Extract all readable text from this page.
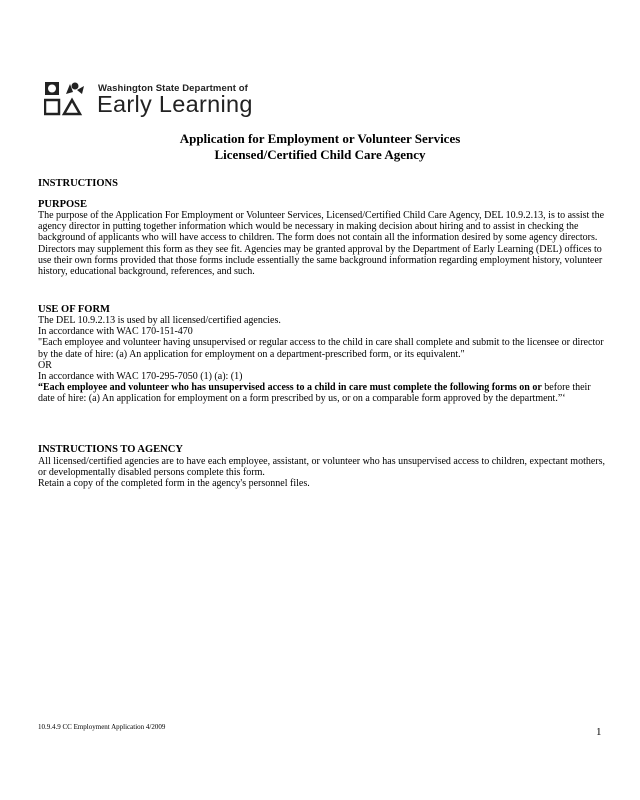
Washington State Department of
Early Learning
Application for Employment or Volunteer Services
Licensed/Certified Child Care Agency
INSTRUCTIONS
PURPOSE

The purpose of the Application For Employment or Volunteer Services, Licensed/Certified Child Care Agency, DEL 10.9.2.13, is to assist the agency director in putting together information which would be necessary in making decision about hiring and to assist in checking the background of applicants who will have access to children. The form does not contain all the information desired by some agency directors. Directors may supplement this form as they see fit. Agencies may be granted approval by the Department of Early Learning (DEL) offices to use their own forms provided that those forms include essentially the same background information regarding employment history, volunteer history, educational background, references, and such.

USE OF FORM

The DEL 10.9.2.13 is used by all licensed/certified agencies.

In accordance with WAC 170-151-470

"Each employee and volunteer having unsupervised or regular access to the child in care shall complete and submit to the licensee or director by the date of hire: (a) An application for employment on a department-prescribed form, or its equivalent."

OR

In accordance with WAC 170-295-7050 (1) (a): (1)

“Each employee and volunteer who has unsupervised access to a child in care must complete the following forms on or before their date of hire: (a) An application for employment on a form prescribed by us, or on a comparable form approved by the department.”‘

INSTRUCTIONS TO AGENCY

All licensed/certified agencies are to have each employee, assistant, or volunteer who has unsupervised access to children, expectant mothers, or developmentally disabled persons complete this form.

Retain a copy of the completed form in the agency's personnel files.

10.9.4.9 CC Employment Application 4/2009	1
